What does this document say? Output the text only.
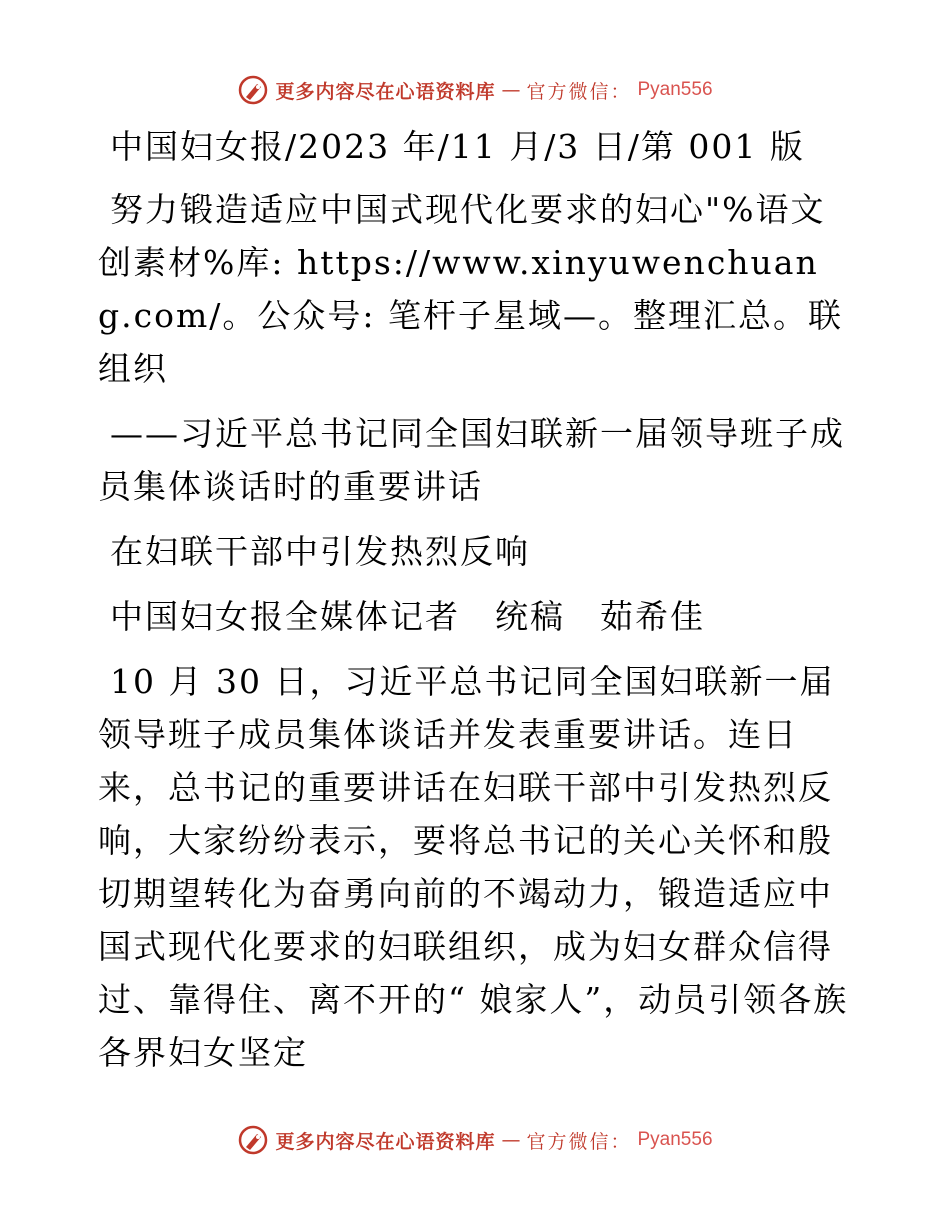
更多内容尽在心语资料库 — 官方微信： Pyan556

中国妇女报/2023 年/11 月/3 日/第 001 版

努力锻造适应中国式现代化要求的妇心"%语文创素材%库: https://www.xinyuwenchuang.com/。公众号: 笔杆子星域—。整理汇总。联组织

——习近平总书记同全国妇联新一届领导班子成员集体谈话时的重要讲话

在妇联干部中引发热烈反响

中国妇女报全媒体记者　统稿　茹希佳

10 月 30 日，习近平总书记同全国妇联新一届领导班子成员集体谈话并发表重要讲话。连日来，总书记的重要讲话在妇联干部中引发热烈反响，大家纷纷表示，要将总书记的关心关怀和殷切期望转化为奋勇向前的不竭动力，锻造适应中国式现代化要求的妇联组织，成为妇女群众信得过、靠得住、离不开的“ 娘家人”，动员引领各族各界妇女坚定

更多内容尽在心语资料库 — 官方微信： Pyan556
